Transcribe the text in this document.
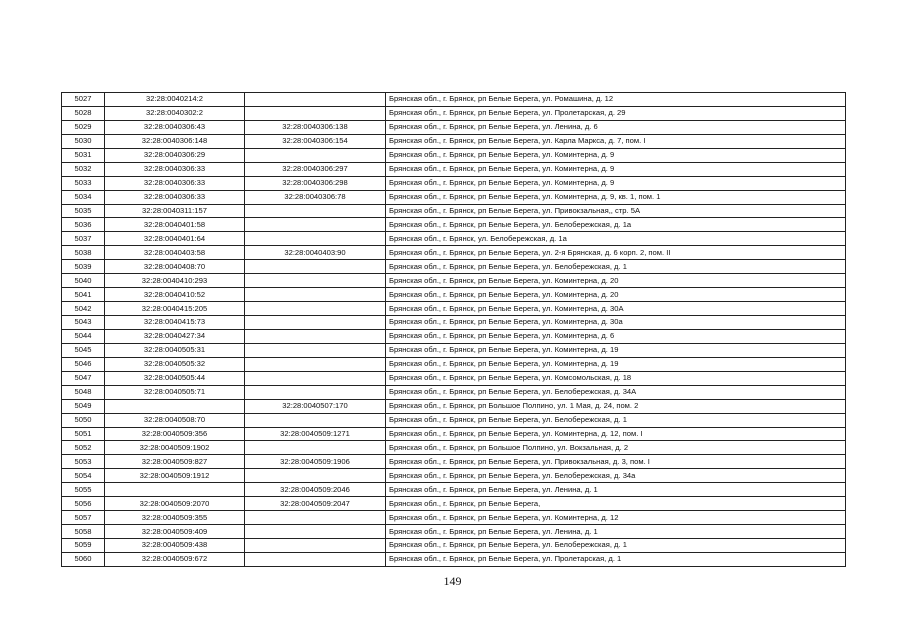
5027	32:28:0040214:2		Брянская обл., г. Брянск, рп Белые Берега, ул. Ромашина, д. 12
5028	32:28:0040302:2		Брянская обл., г. Брянск, рп Белые Берега, ул. Пролетарская, д. 29
5029	32:28:0040306:43	32:28:0040306:138	Брянская обл., г. Брянск, рп Белые Берега, ул. Ленина, д. 6
5030	32:28:0040306:148	32:28:0040306:154	Брянская обл., г. Брянск, рп Белые Берега, ул. Карла Маркса, д. 7, пом. I
5031	32:28:0040306:29		Брянская обл., г. Брянск, рп Белые Берега, ул. Коминтерна, д. 9
5032	32:28:0040306:33	32:28:0040306:297	Брянская обл., г. Брянск, рп Белые Берега, ул. Коминтерна, д. 9
5033	32:28:0040306:33	32:28:0040306:298	Брянская обл., г. Брянск, рп Белые Берега, ул. Коминтерна, д. 9
5034	32:28:0040306:33	32:28:0040306:78	Брянская обл., г. Брянск, рп Белые Берега, ул. Коминтерна, д. 9, кв. 1, пом. 1
5035	32:28:0040311:157		Брянская обл., г. Брянск, рп Белые Берега, ул. Привокзальная,, стр. 5А
5036	32:28:0040401:58		Брянская обл., г. Брянск, рп Белые Берега, ул. Белобережская, д. 1а
5037	32:28:0040401:64		Брянская обл., г. Брянск, ул. Белобережская, д. 1а
5038	32:28:0040403:58	32:28:0040403:90	Брянская обл., г. Брянск, рп Белые Берега, ул. 2-я Брянская, д. 6 корп. 2, пом. II
5039	32:28:0040408:70		Брянская обл., г. Брянск, рп Белые Берега, ул. Белобережская, д. 1
5040	32:28:0040410:293		Брянская обл., г. Брянск, рп Белые Берега, ул. Коминтерна, д. 20
5041	32:28:0040410:52		Брянская обл., г. Брянск, рп Белые Берега, ул. Коминтерна, д. 20
5042	32:28:0040415:205		Брянская обл., г. Брянск, рп Белые Берега, ул. Коминтерна, д. 30А
5043	32:28:0040415:73		Брянская обл., г. Брянск, рп Белые Берега, ул. Коминтерна, д. 30а
5044	32:28:0040427:34		Брянская обл., г. Брянск, рп Белые Берега, ул. Коминтерна, д. 6
5045	32:28:0040505:31		Брянская обл., г. Брянск, рп Белые Берега, ул. Коминтерна, д. 19
5046	32:28:0040505:32		Брянская обл., г. Брянск, рп Белые Берега, ул. Коминтерна, д. 19
5047	32:28:0040505:44		Брянская обл., г. Брянск, рп Белые Берега, ул. Комсомольская, д. 18
5048	32:28:0040505:71		Брянская обл., г. Брянск, рп Белые Берега, ул. Белобережская, д. 34А
5049		32:28:0040507:170	Брянская обл., г. Брянск, рп Большое Полпино, ул. 1 Мая, д. 24, пом. 2
5050	32:28:0040508:70		Брянская обл., г. Брянск, рп Белые Берега, ул. Белобережская, д. 1
5051	32:28:0040509:356	32:28:0040509:1271	Брянская обл., г. Брянск, рп Белые Берега, ул. Коминтерна, д. 12, пом. I
5052	32:28:0040509:1902		Брянская обл., г. Брянск, рп Большое Полпино, ул. Вокзальная, д. 2
5053	32:28:0040509:827	32:28:0040509:1906	Брянская обл., г. Брянск, рп Белые Берега, ул. Привокзальная, д. 3, пом. I
5054	32:28:0040509:1912		Брянская обл., г. Брянск, рп Белые Берега, ул. Белобережская, д. 34а
5055		32:28:0040509:2046	Брянская обл., г. Брянск, рп Белые Берега, ул. Ленина, д. 1
5056	32:28:0040509:2070	32:28:0040509:2047	Брянская обл., г. Брянск, рп Белые Берега,
5057	32:28:0040509:355		Брянская обл., г. Брянск, рп Белые Берега, ул. Коминтерна, д. 12
5058	32:28:0040509:409		Брянская обл., г. Брянск, рп Белые Берега, ул. Ленина, д. 1
5059	32:28:0040509:438		Брянская обл., г. Брянск, рп Белые Берега, ул. Белобережская, д. 1
5060	32:28:0040509:672		Брянская обл., г. Брянск, рп Белые Берега, ул. Пролетарская, д. 1
149
